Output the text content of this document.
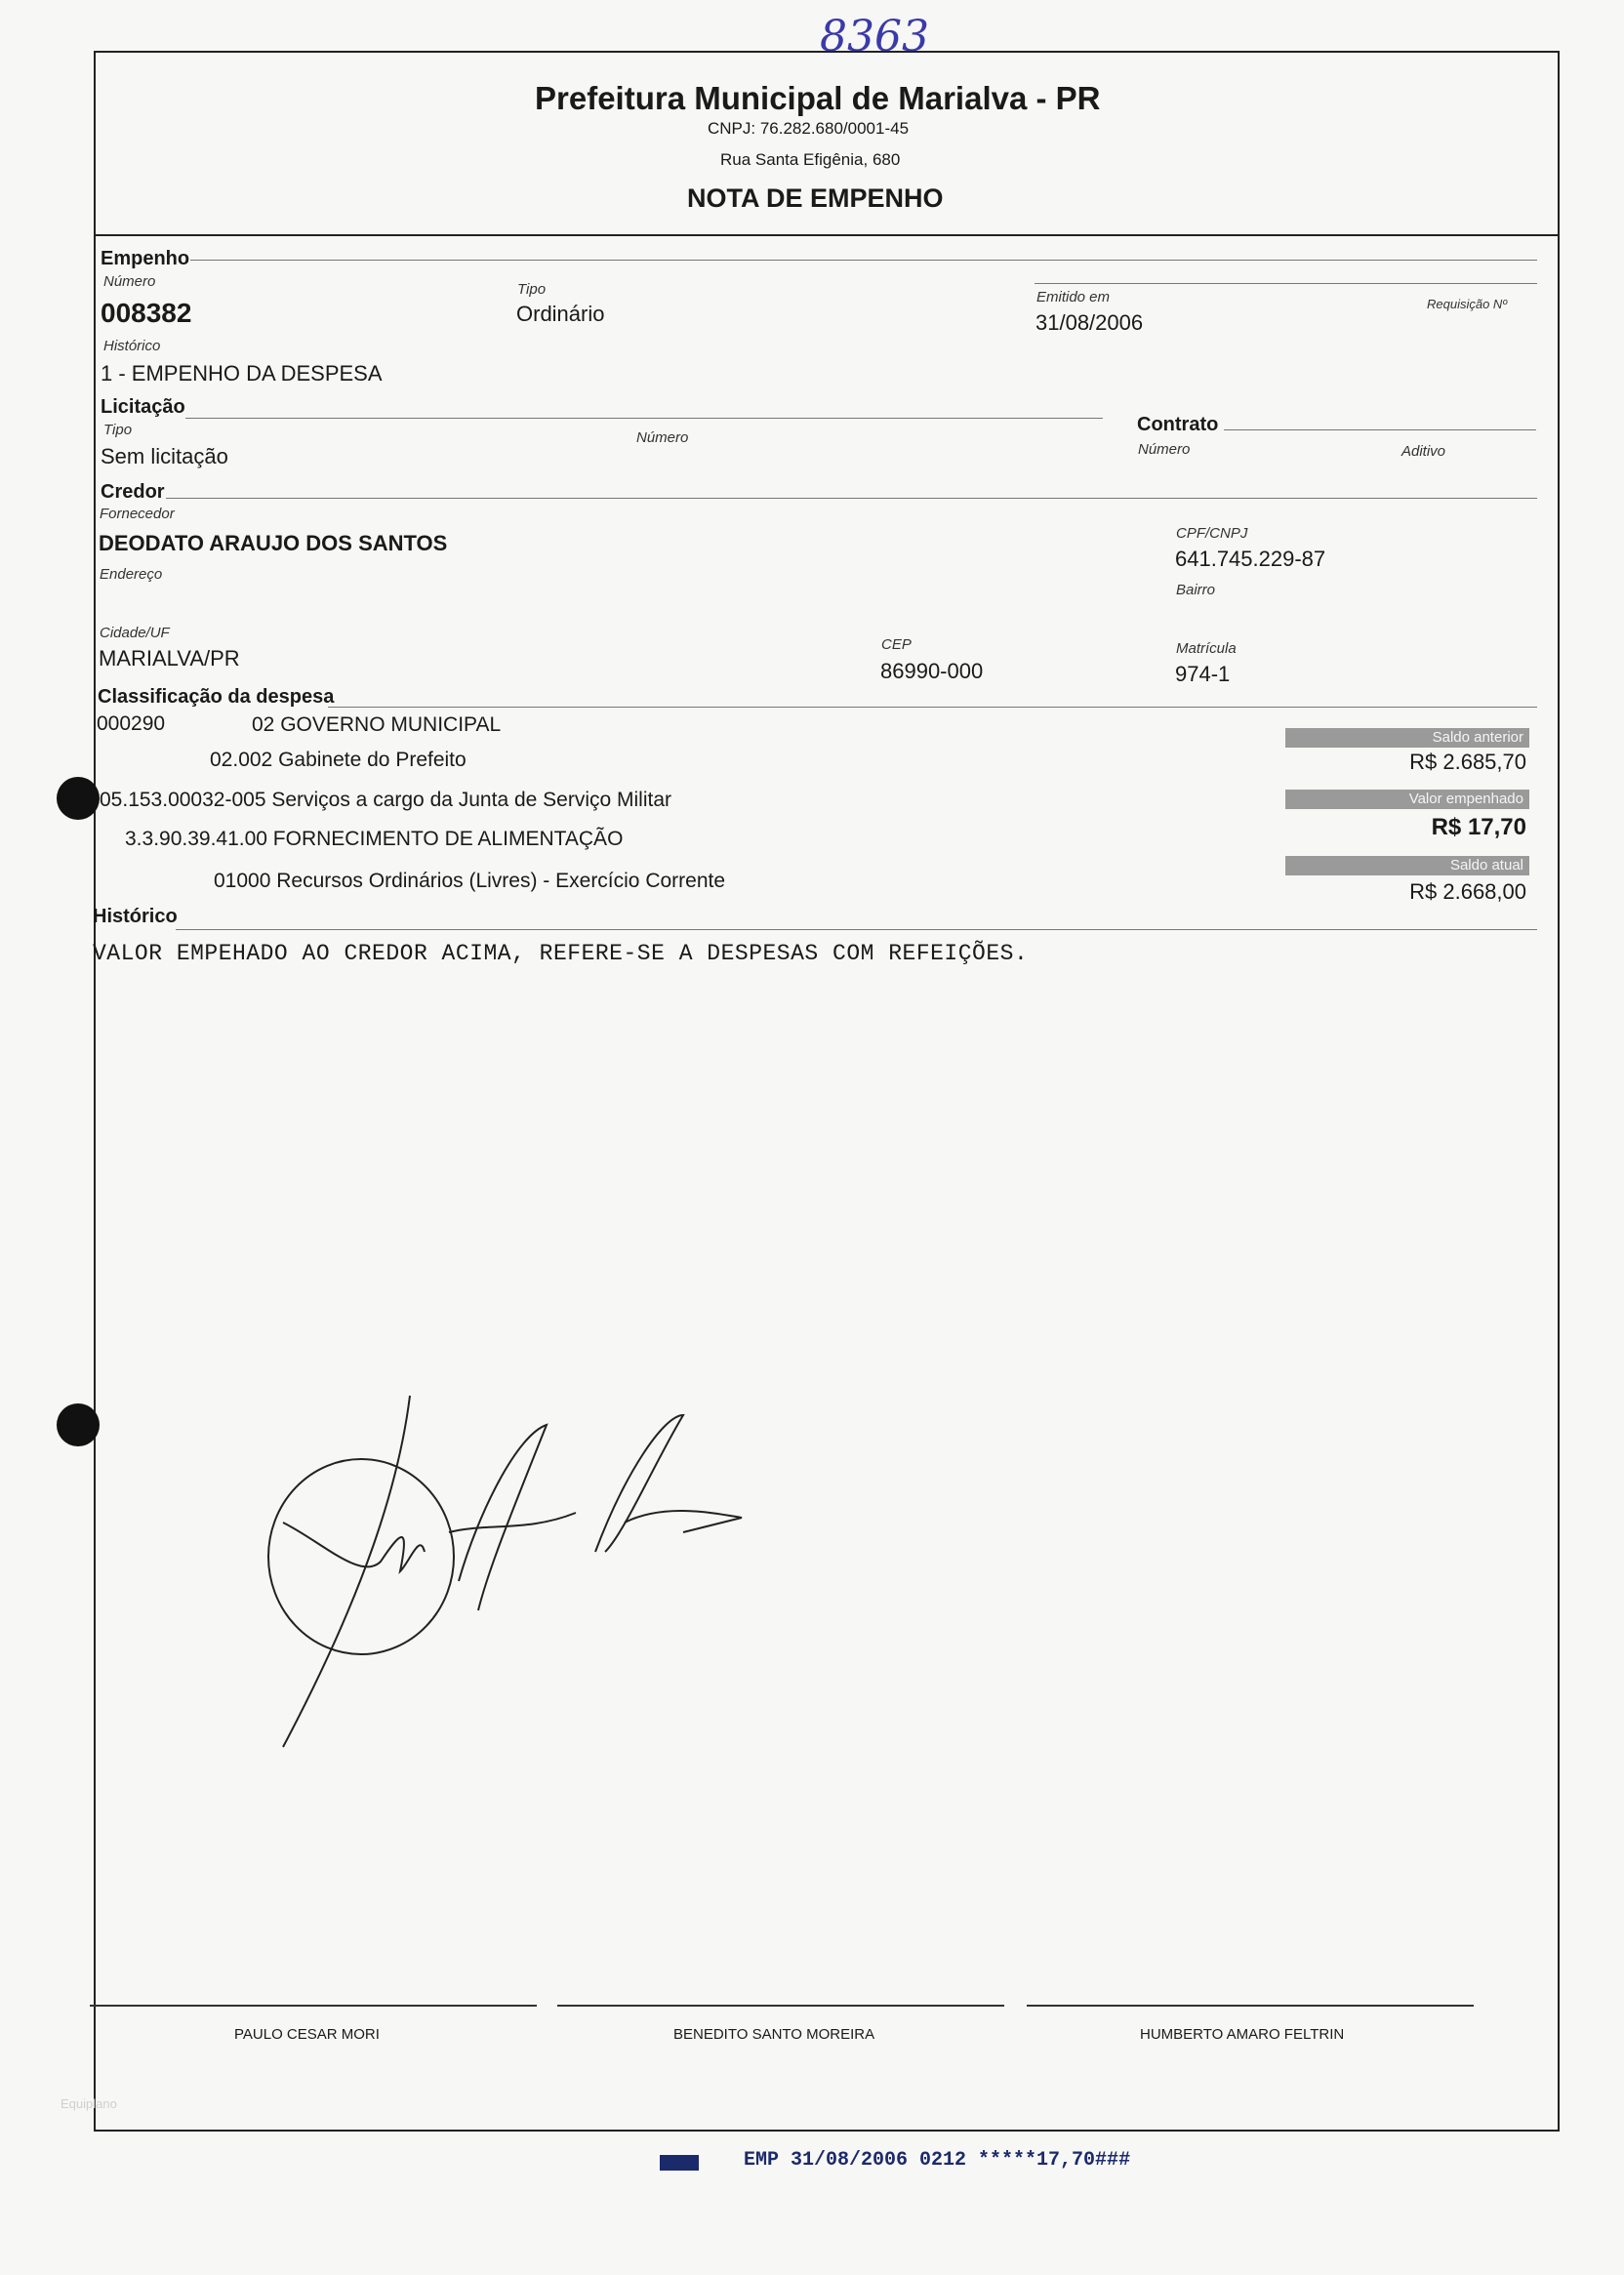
8363
Prefeitura Municipal de Marialva - PR
CNPJ: 76.282.680/0001-45
Rua Santa Efigênia, 680
NOTA DE EMPENHO
Empenho
Número
008382
Tipo
Ordinário
Emitido em
31/08/2006
Requisição Nº
Histórico
1 - EMPENHO DA DESPESA
Licitação
Tipo
Sem licitação
Número
Contrato
Número	Aditivo
Credor
Fornecedor
DEODATO ARAUJO DOS SANTOS	CPF/CNPJ
641.745.229-87
Endereço
Bairro
Cidade/UF
MARIALVA/PR
CEP
86990-000
Matrícula
974-1
Classificação da despesa
000290	02 GOVERNO MUNICIPAL
02.002 Gabinete do Prefeito
05.153.00032-005 Serviços a cargo da Junta de Serviço Militar
3.3.90.39.41.00 FORNECIMENTO DE ALIMENTAÇÃO
01000 Recursos Ordinários (Livres) - Exercício Corrente
Saldo anterior
R$ 2.685,70
Valor empenhado
R$ 17,70
Saldo atual
R$ 2.668,00
Histórico
VALOR EMPEHADO AO CREDOR ACIMA, REFERE-SE A DESPESAS COM REFEIÇÕES.
PAULO CESAR MORI	BENEDITO SANTO MOREIRA	HUMBERTO AMARO FELTRIN
Equiplano
EMP 31/08/2006 0212 *****17,70###
